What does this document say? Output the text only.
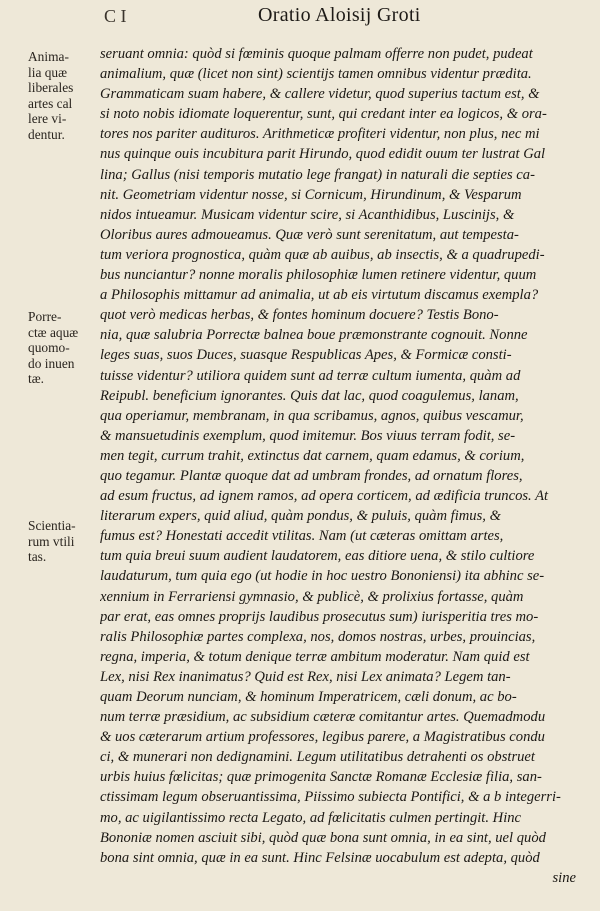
C I	Oratio Aloisij Groti
Anima-
lia quæ
liberales
artes cal
lere vi-
dentur.
Porre-
ctæ aquæ
quomo-
do inuen
tæ.
Scientia-
rum vtili
tas.
seruant omnia: quòd si fœminis quoque palmam offerre non pudet, pudeat
animalium, quæ (licet non sint) scientijs tamen omnibus videntur prædita.
Grammaticam suam habere, & callere videtur, quod superius tactum est, &
si noto nobis idiomate loquerentur, sunt, qui credant inter ea logicos, & ora-
tores nos pariter audituros. Arithmeticæ profiteri videntur, non plus, nec mi
nus quinque ouis incubitura parit Hirundo, quod edidit ouum ter lustrat Gal
lina; Gallus (nisi temporis mutatio lege frangat) in naturali die septies ca-
nit. Geometriam videntur nosse, si Cornicum, Hirundinum, & Vesparum
nidos intueamur. Musicam videntur scire, si Acanthidibus, Luscinijs, &
Oloribus aures admoueamus. Quæ verò sunt serenitatum, aut tempesta-
tum veriora prognostica, quàm quæ ab auibus, ab insectis, & a quadrupedi-
bus nunciantur? nonne moralis philosophiæ lumen retinere videntur, quum
a Philosophis mittamur ad animalia, ut ab eis virtutum discamus exempla?
quot verò medicas herbas, & fontes hominum docuere? Testis Bono-
nia, quæ salubria Porrectæ balnea boue præmonstrante cognouit. Nonne
leges suas, suos Duces, suasque Respublicas Apes, & Formicæ consti-
tuisse videntur? utiliora quidem sunt ad terræ cultum iumenta, quàm ad
Reipubl. beneficium ignorantes. Quis dat lac, quod coagulemus, lanam,
qua operiamur, membranam, in qua scribamus, agnos, quibus vescamur,
& mansuetudinis exemplum, quod imitemur. Bos viuus terram fodit, se-
men tegit, currum trahit, extinctus dat carnem, quam edamus, & corium,
quo tegamur. Plantæ quoque dat ad umbram frondes, ad ornatum flores,
ad esum fructus, ad ignem ramos, ad opera corticem, ad ædificia truncos. At
literarum expers, quid aliud, quàm pondus, & puluis, quàm fimus, &
fumus est? Honestati accedit vtilitas. Nam (ut cæteras omittam artes,
tum quia breui suum audient laudatorem, eas ditiore uena, & stilo cultiore
laudaturum, tum quia ego (ut hodie in hoc uestro Bononiensi) ita abhinc se-
xennium in Ferrariensi gymnasio, & publicè, & prolixius fortasse, quàm
par erat, eas omnes proprijs laudibus prosecutus sum) iurisperitia tres mo-
ralis Philosophiæ partes complexa, nos, domos nostras, urbes, prouincias,
regna, imperia, & totum denique terræ ambitum moderatur. Nam quid est
Lex, nisi Rex inanimatus? Quid est Rex, nisi Lex animata? Legem tan-
quam Deorum nunciam, & hominum Imperatricem, cæli donum, ac bo-
num terræ præsidium, ac subsidium cæteræ comitantur artes. Quemadmodu
& uos cæterarum artium professores, legibus parere, a Magistratibus condu
ci, & munerari non dedignamini. Legum utilitatibus detrahenti os obstruet
urbis huius fœlicitas; quæ primogenita Sanctæ Romanæ Ecclesiæ filia, san-
ctissimam legum obseruantissima, Piissimo subiecta Pontifici, & a b integerri-
mo, ac uigilantissimo recta Legato, ad fœlicitatis culmen pertingit. Hinc
Bononiæ nomen asciuit sibi, quòd quæ bona sunt omnia, in ea sint, uel quòd
bona sint omnia, quæ in ea sunt. Hinc Felsinæ uocabulum est adepta, quòd
sine
